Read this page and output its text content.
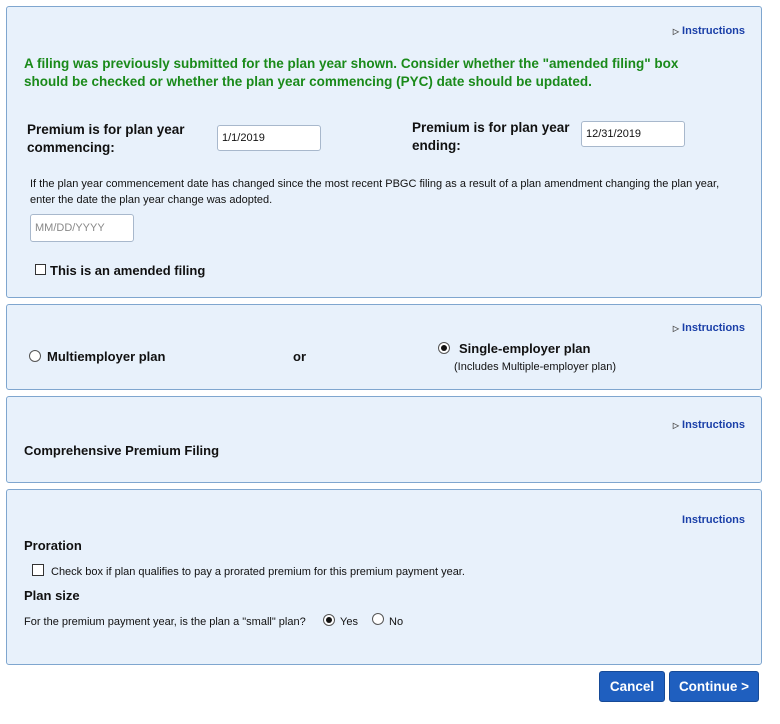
▷ Instructions
A filing was previously submitted for the plan year shown. Consider whether the "amended filing" box should be checked or whether the plan year commencing (PYC) date should be updated.
Premium is for plan year commencing:
1/1/2019
Premium is for plan year ending:
12/31/2019
If the plan year commencement date has changed since the most recent PBGC filing as a result of a plan amendment changing the plan year, enter the date the plan year change was adopted.
MM/DD/YYYY
This is an amended filing
▷ Instructions
Multiemployer plan	or
Single-employer plan
(Includes Multiple-employer plan)
▷ Instructions
Comprehensive Premium Filing
Instructions
Proration
Check box if plan qualifies to pay a prorated premium for this premium payment year.
Plan size
For the premium payment year, is the plan a "small" plan?	Yes	No
Cancel	Continue >
